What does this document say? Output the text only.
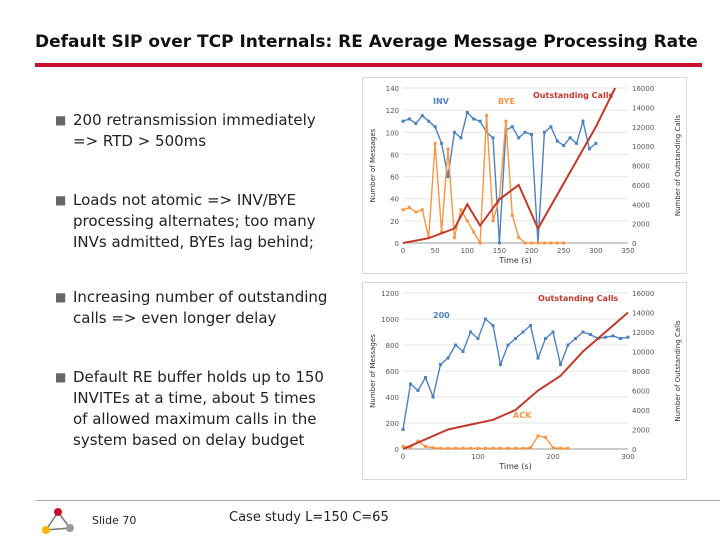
Default SIP over TCP Internals: RE Average Message Processing Rate
■ 200 retransmission immediately
=> RTD > 500ms
■ Loads not atomic => INV/BYE
processing alternates; too many
INVs admitted, BYEs lag behind;
■ Increasing number of outstanding
calls => even longer delay
■ Default RE buffer holds up to 150
INVITEs at a time, about 5 times
of allowed maximum calls in the
system based on delay budget
0
20
40
60
80
100
120
140
0
2000
4000
6000
8000
10000
12000
14000
16000
0	50	100	150	200	250	300	350
Time (s)
Number of Messages	Number of Outstanding Calls
INV	BYE
Outstanding Calls
0
200
400
600
800
1000
1200
0
2000
4000
6000
8000
10000
12000
14000
16000
0	100	200	300
Time (s)
Number of Messages	Number of Outstanding Calls
200
ACK
Outstanding Calls
Slide 70	Case study L=150 C=65
